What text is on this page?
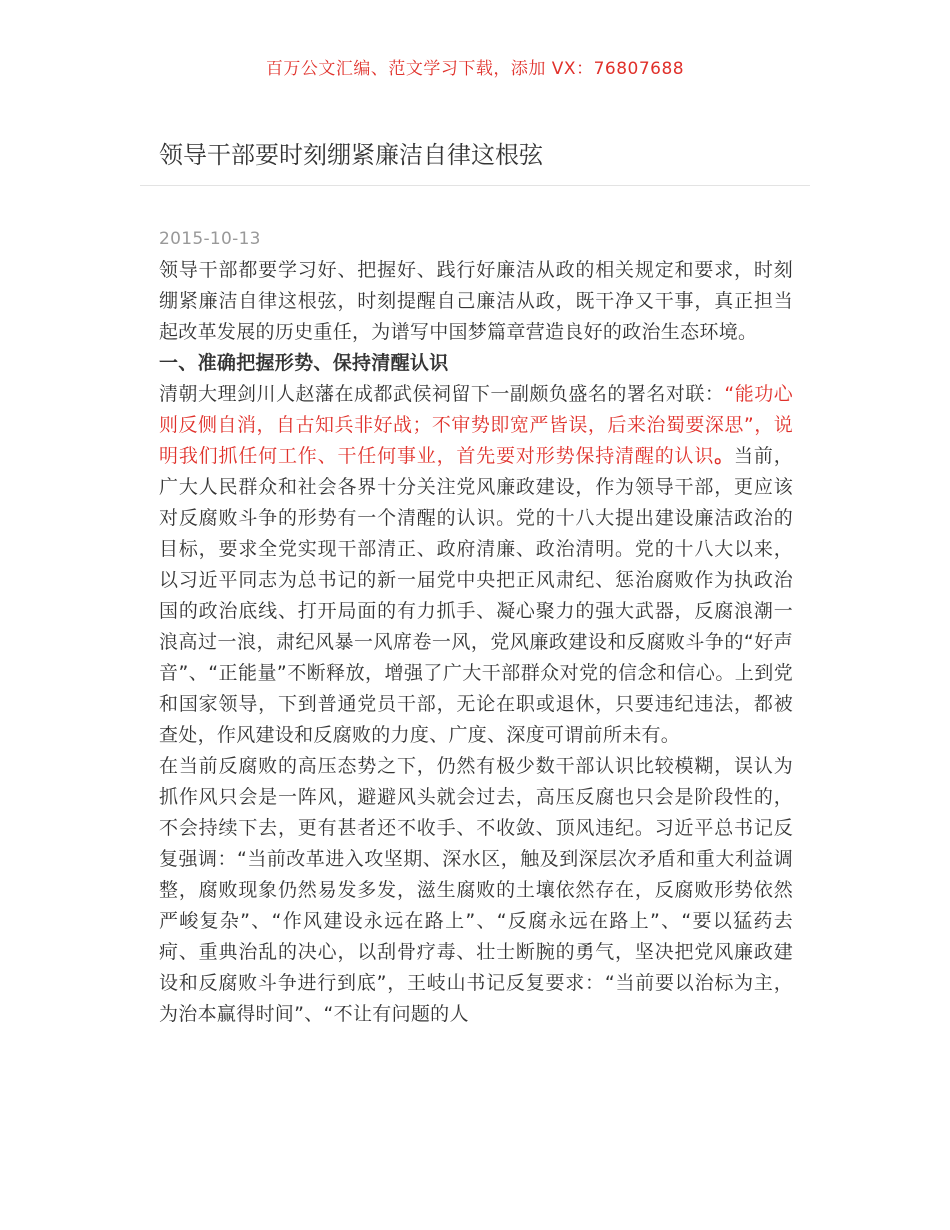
百万公文汇编、范文学习下载，添加 VX：76807688
领导干部要时刻绷紧廉洁自律这根弦
2015-10-13

领导干部都要学习好、把握好、践行好廉洁从政的相关规定和要求，时刻绷紧廉洁自律这根弦，时刻提醒自己廉洁从政，既干净又干事，真正担当起改革发展的历史重任，为谱写中国梦篇章营造良好的政治生态环境。

一、准确把握形势、保持清醒认识

清朝大理剑川人赵藩在成都武侯祠留下一副颇负盛名的署名对联：“能功心则反侧自消，自古知兵非好战；不审势即宽严皆误，后来治蜀要深思”，说明我们抓任何工作、干任何事业，首先要对形势保持清醒的认识。当前，广大人民群众和社会各界十分关注党风廉政建设，作为领导干部，更应该对反腐败斗争的形势有一个清醒的认识。党的十八大提出建设廉洁政治的目标，要求全党实现干部清正、政府清廉、政治清明。党的十八大以来，以习近平同志为总书记的新一届党中央把正风肃纪、惩治腐败作为执政治国的政治底线、打开局面的有力抓手、凝心聚力的强大武器，反腐浪潮一浪高过一浪，肃纪风暴一风席卷一风，党风廉政建设和反腐败斗争的“好声音”、“正能量”不断释放，增强了广大干部群众对党的信念和信心。上到党和国家领导，下到普通党员干部，无论在职或退休，只要违纪违法，都被查处，作风建设和反腐败的力度、广度、深度可谓前所未有。

在当前反腐败的高压态势之下，仍然有极少数干部认识比较模糊，误认为抓作风只会是一阵风，避避风头就会过去，高压反腐也只会是阶段性的，不会持续下去，更有甚者还不收手、不收敛、顶风违纪。习近平总书记反复强调：“当前改革进入攻坚期、深水区，触及到深层次矛盾和重大利益调整，腐败现象仍然易发多发，滋生腐败的土壤依然存在，反腐败形势依然严峻复杂”、“作风建设永远在路上”、“反腐永远在路上”、“要以猛药去疴、重典治乱的决心，以刮骨疗毒、壮士断腕的勇气，坚决把党风廉政建设和反腐败斗争进行到底”，王岐山书记反复要求：“当前要以治标为主，为治本赢得时间”、“不让有问题的人
